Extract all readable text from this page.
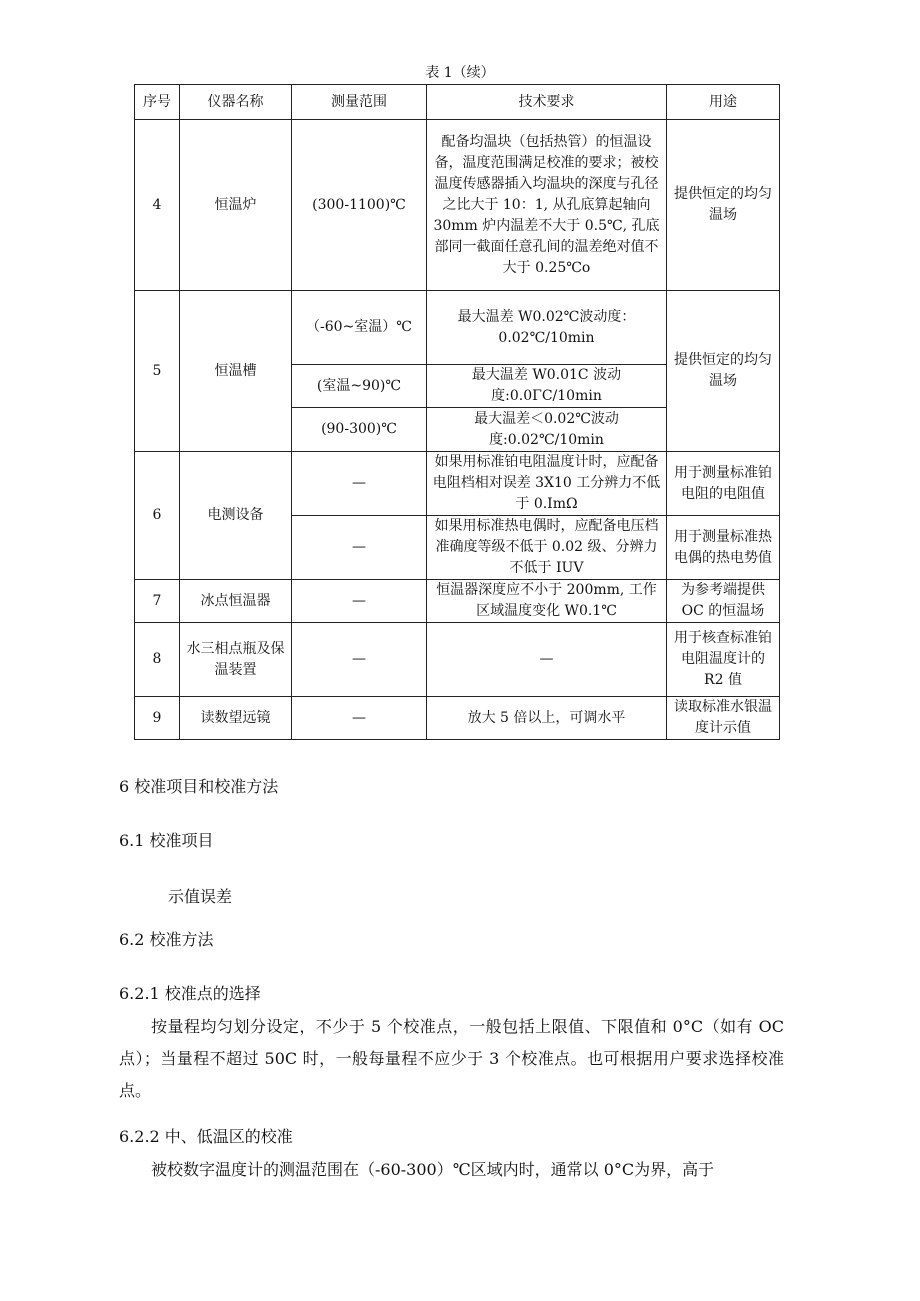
表 1（续）
序号	仪器名称	测量范围	技术要求	用途
4	恒温炉	(300-1100)℃	配备均温块（包括热管）的恒温设备，温度范围满足校准的要求；被校温度传感器插入均温块的深度与孔径之比大于 10：1, 从孔底算起轴向 30mm 炉内温差不大于 0.5℃, 孔底部同一截面任意孔间的温差绝对值不大于 0.25℃o	提供恒定的均匀温场
5	恒温槽	（-60~室温）℃	最大温差 W0.02℃波动度：0.02℃/10min	提供恒定的均匀温场
		(室温~90)℃	最大温差 W0.01C 波动度:0.0ΓC/10min	
		(90-300)℃	最大温差＜0.02℃波动度:0.02℃/10min	
6	电测设备	—	如果用标准铂电阻温度计时，应配备电阻档相对误差 3X10 工分辨力不低于 0.ImΩ	用于测量标准铂电阻的电阻值
		—	如果用标准热电偶时，应配备电压档准确度等级不低于 0.02 级、分辨力不低于 IUV	用于测量标准热电偶的热电势值
7	冰点恒温器	—	恒温器深度应不小于 200mm, 工作区域温度变化 W0.1℃	为参考端提供 OC 的恒温场
8	水三相点瓶及保温装置	—	—	用于核查标准铂电阻温度计的 R2 值
9	读数望远镜	—	放大 5 倍以上，可调水平	读取标准水银温度计示值
6 校准项目和校准方法
6.1 校准项目
示值误差
6.2 校准方法
6.2.1 校准点的选择
按量程均匀划分设定，不少于 5 个校准点，一般包括上限值、下限值和 0°C（如有 OC 点）；当量程不超过 50C 时，一般每量程不应少于 3 个校准点。也可根据用户要求选择校准点。
6.2.2 中、低温区的校准
被校数字温度计的测温范围在（-60-300）℃区域内时，通常以 0°C为界，高于
